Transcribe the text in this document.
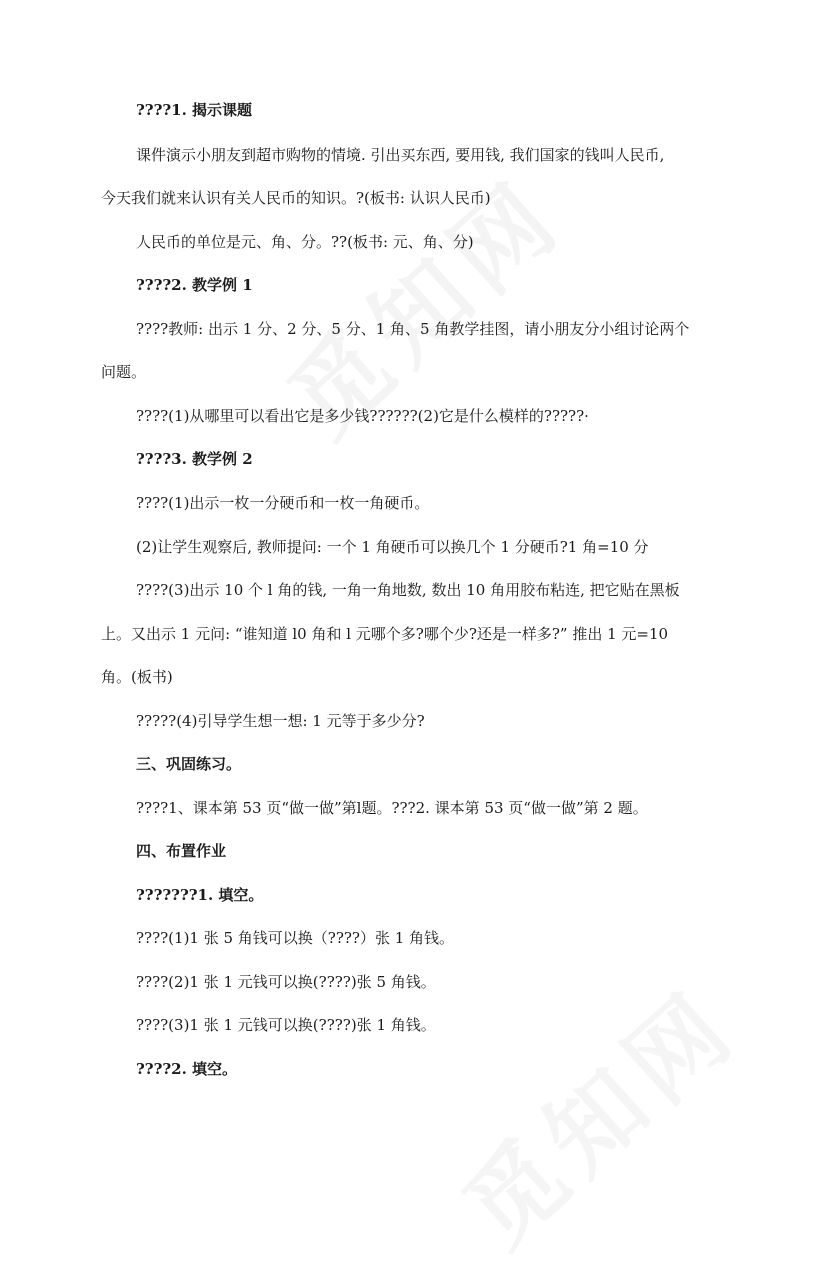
????1. 揭示课题

课件演示小朋友到超市购物的情境. 引出买东西, 要用钱, 我们国家的钱叫人民币,

今天我们就来认识有关人民币的知识。?(板书: 认识人民币)

人民币的单位是元、角、分。??(板书: 元、角、分)

????2. 教学例 1

????教师: 出示 1 分、2 分、5 分、1 角、5 角教学挂图，请小朋友分小组讨论两个

问题。

????(1)从哪里可以看出它是多少钱??????(2)它是什么模样的?????·

????3. 教学例 2

????(1)出示一枚一分硬币和一枚一角硬币。

(2)让学生观察后, 教师提问: 一个 1 角硬币可以换几个 1 分硬币?1 角=10 分

????(3)出示 10 个 l 角的钱, 一角一角地数, 数出 10 角用胶布粘连, 把它贴在黑板

上。又出示 1 元问: “谁知道 l0 角和 l 元哪个多?哪个少?还是一样多?” 推出 1 元=10

角。(板书)

?????(4)引导学生想一想: 1 元等于多少分?

三、巩固练习。

????1、课本第 53 页“做一做”第l题。???2. 课本第 53 页“做一做”第 2 题。

四、布置作业

???????1. 填空。

????(1)1 张 5 角钱可以换（????）张 1 角钱。

????(2)1 张 1 元钱可以换(????)张 5 角钱。

????(3)1 张 1 元钱可以换(????)张 1 角钱。

????2. 填空。
